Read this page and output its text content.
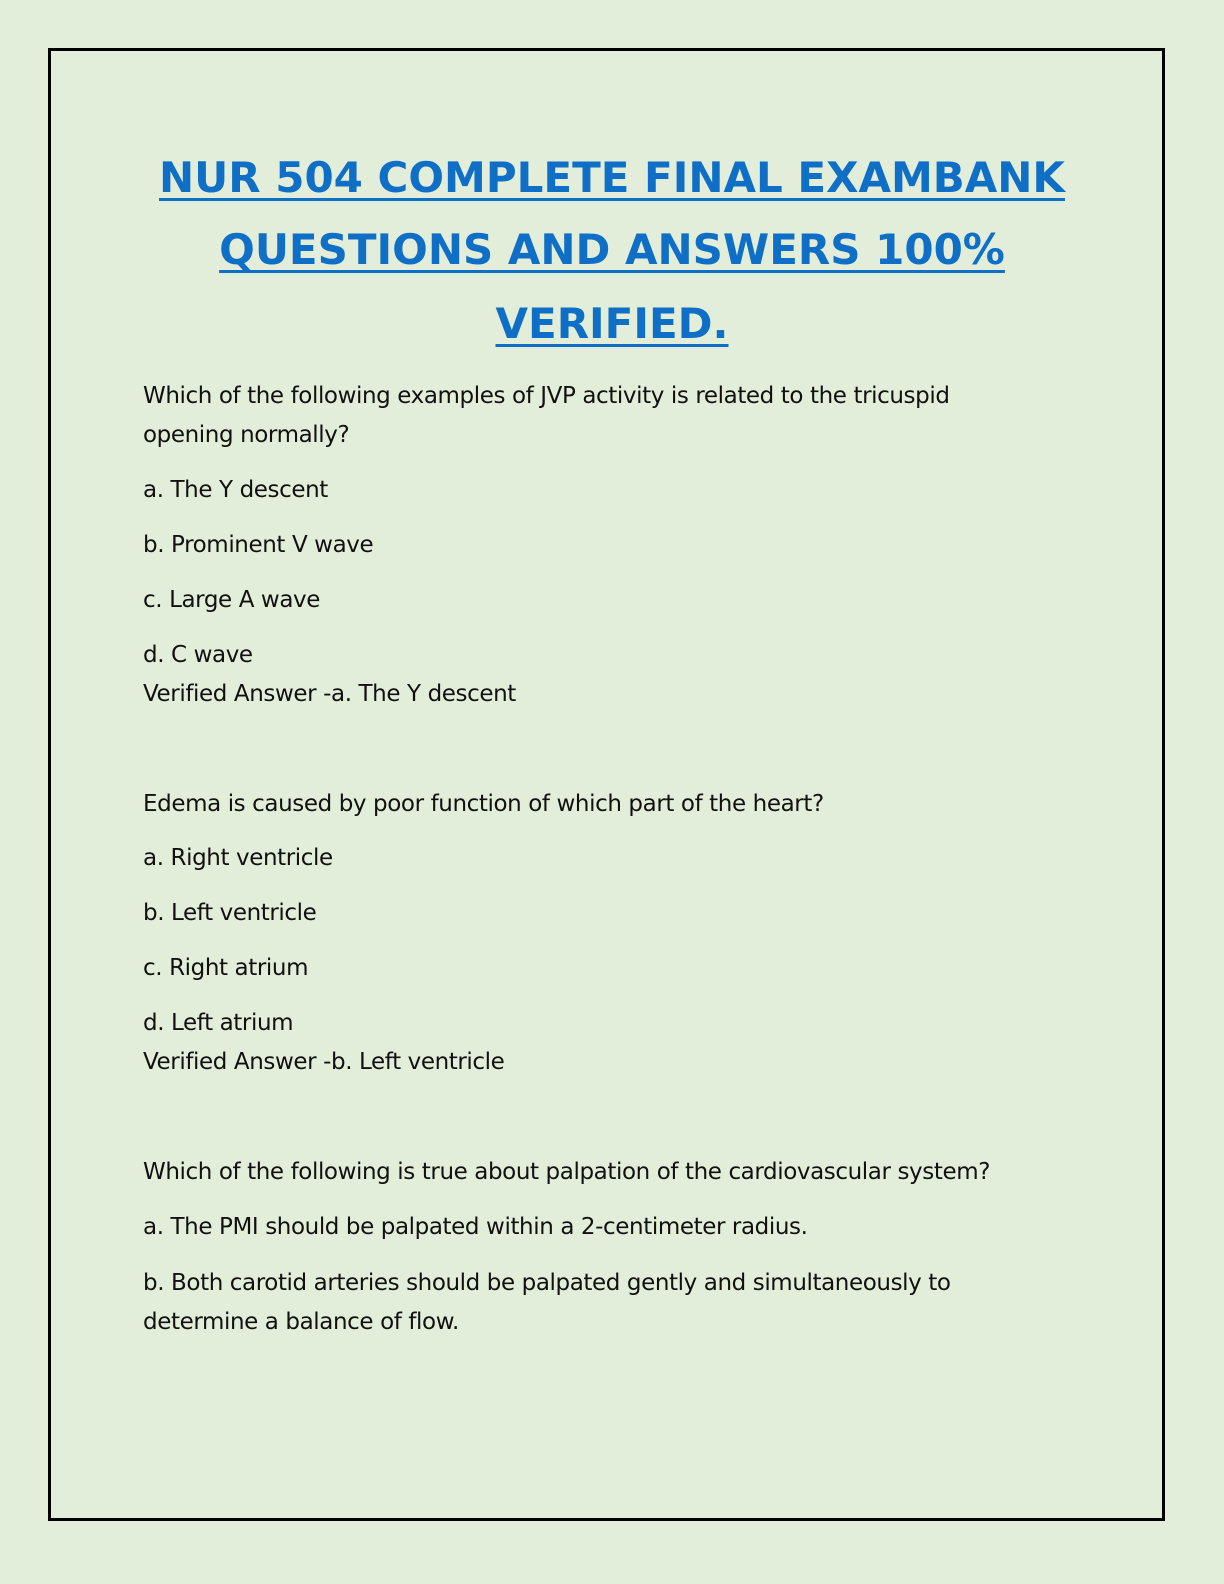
NUR 504 COMPLETE FINAL EXAMBANK
QUESTIONS AND ANSWERS 100%
VERIFIED.
Which of the following examples of JVP activity is related to the tricuspid
opening normally?
a. The Y descent
b. Prominent V wave
c. Large A wave
d. C wave
Verified Answer -a. The Y descent
Edema is caused by poor function of which part of the heart?
a. Right ventricle
b. Left ventricle
c. Right atrium
d. Left atrium
Verified Answer -b. Left ventricle
Which of the following is true about palpation of the cardiovascular system?
a. The PMI should be palpated within a 2-centimeter radius.
b. Both carotid arteries should be palpated gently and simultaneously to
determine a balance of flow.
